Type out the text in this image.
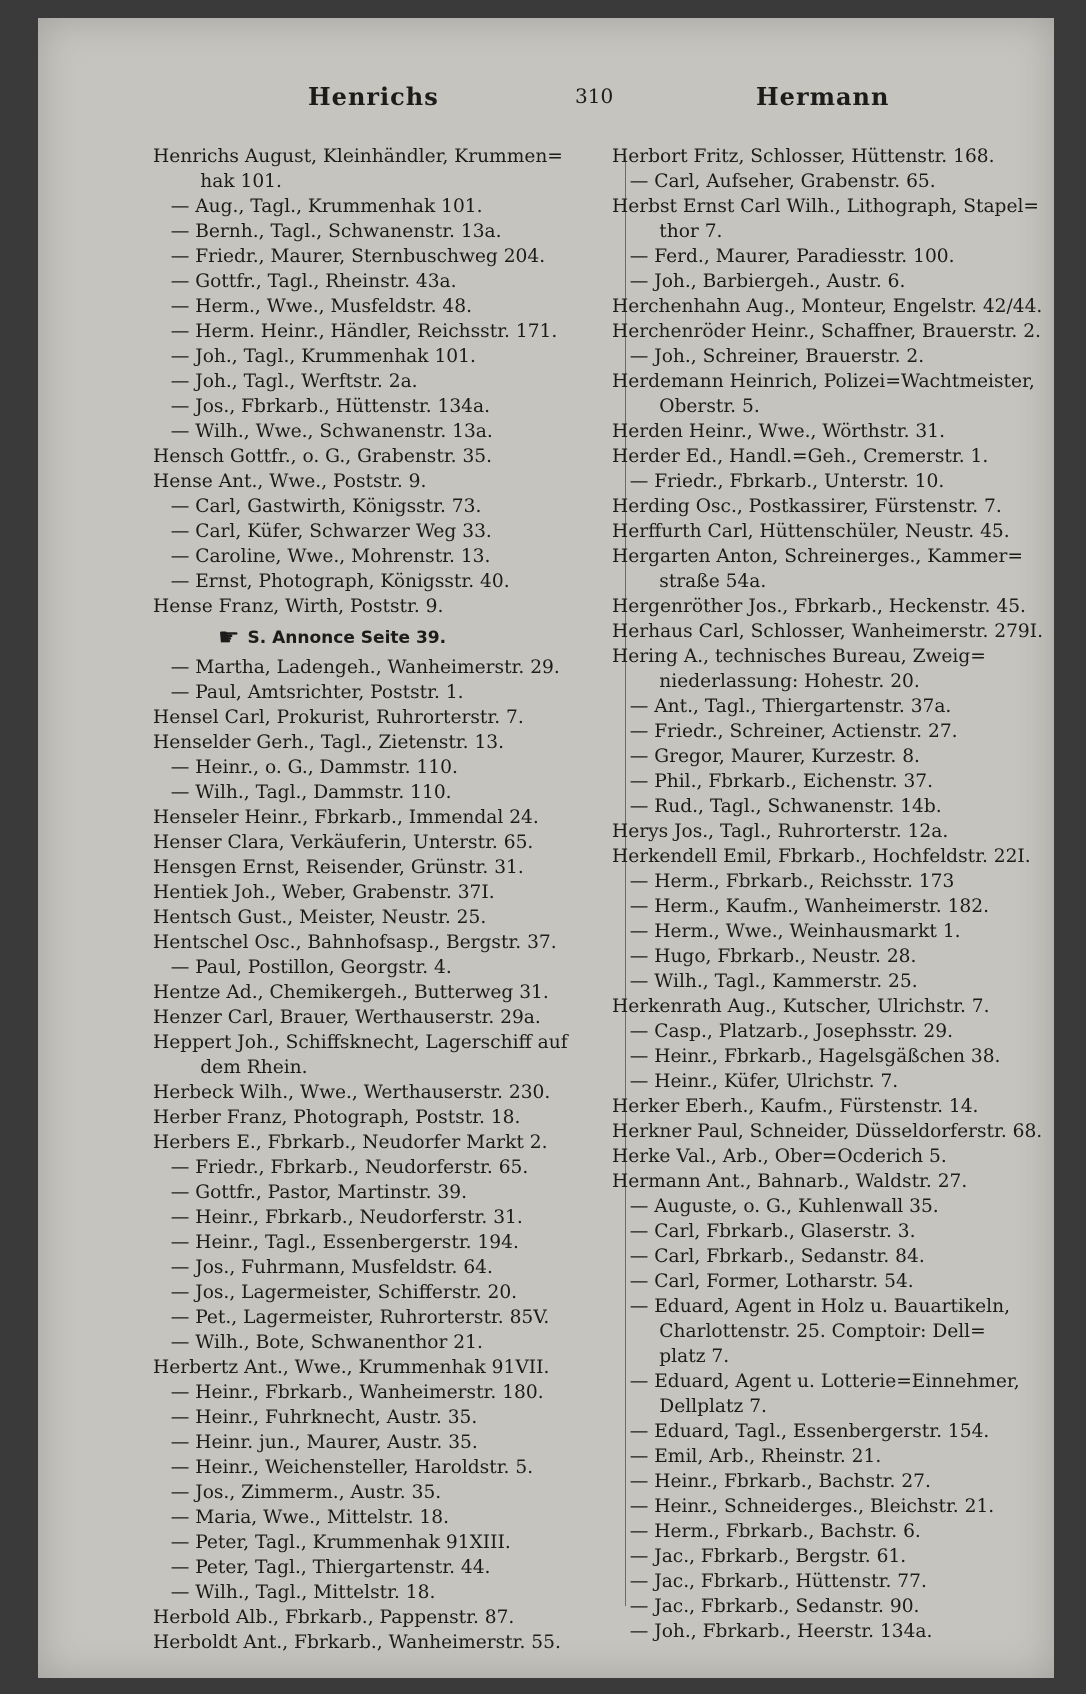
Henrichs	310	Hermann
Henrichs August, Kleinhändler, Krummen=
hak 101.
— Aug., Tagl., Krummenhak 101.
— Bernh., Tagl., Schwanenstr. 13a.
— Friedr., Maurer, Sternbuschweg 204.
— Gottfr., Tagl., Rheinstr. 43a.
— Herm., Wwe., Musfeldstr. 48.
— Herm. Heinr., Händler, Reichsstr. 171.
— Joh., Tagl., Krummenhak 101.
— Joh., Tagl., Werftstr. 2a.
— Jos., Fbrkarb., Hüttenstr. 134a.
— Wilh., Wwe., Schwanenstr. 13a.
Hensch Gottfr., o. G., Grabenstr. 35.
Hense Ant., Wwe., Poststr. 9.
— Carl, Gastwirth, Königsstr. 73.
— Carl, Küfer, Schwarzer Weg 33.
— Caroline, Wwe., Mohrenstr. 13.
— Ernst, Photograph, Königsstr. 40.
Hense Franz, Wirth, Poststr. 9.
☛ S. Annonce Seite 39.
— Martha, Ladengeh., Wanheimerstr. 29.
— Paul, Amtsrichter, Poststr. 1.
Hensel Carl, Prokurist, Ruhrorterstr. 7.
Henselder Gerh., Tagl., Zietenstr. 13.
— Heinr., o. G., Dammstr. 110.
— Wilh., Tagl., Dammstr. 110.
Henseler Heinr., Fbrkarb., Immendal 24.
Henser Clara, Verkäuferin, Unterstr. 65.
Hensgen Ernst, Reisender, Grünstr. 31.
Hentiek Joh., Weber, Grabenstr. 37I.
Hentsch Gust., Meister, Neustr. 25.
Hentschel Osc., Bahnhofsasp., Bergstr. 37.
— Paul, Postillon, Georgstr. 4.
Hentze Ad., Chemikergeh., Butterweg 31.
Henzer Carl, Brauer, Werthauserstr. 29a.
Heppert Joh., Schiffsknecht, Lagerschiff auf
dem Rhein.
Herbeck Wilh., Wwe., Werthauserstr. 230.
Herber Franz, Photograph, Poststr. 18.
Herbers E., Fbrkarb., Neudorfer Markt 2.
— Friedr., Fbrkarb., Neudorferstr. 65.
— Gottfr., Pastor, Martinstr. 39.
— Heinr., Fbrkarb., Neudorferstr. 31.
— Heinr., Tagl., Essenbergerstr. 194.
— Jos., Fuhrmann, Musfeldstr. 64.
— Jos., Lagermeister, Schifferstr. 20.
— Pet., Lagermeister, Ruhrorterstr. 85V.
— Wilh., Bote, Schwanenthor 21.
Herbertz Ant., Wwe., Krummenhak 91VII.
— Heinr., Fbrkarb., Wanheimerstr. 180.
— Heinr., Fuhrknecht, Austr. 35.
— Heinr. jun., Maurer, Austr. 35.
— Heinr., Weichensteller, Haroldstr. 5.
— Jos., Zimmerm., Austr. 35.
— Maria, Wwe., Mittelstr. 18.
— Peter, Tagl., Krummenhak 91XIII.
— Peter, Tagl., Thiergartenstr. 44.
— Wilh., Tagl., Mittelstr. 18.
Herbold Alb., Fbrkarb., Pappenstr. 87.
Herboldt Ant., Fbrkarb., Wanheimerstr. 55.
Herbort Fritz, Schlosser, Hüttenstr. 168.
— Carl, Aufseher, Grabenstr. 65.
Herbst Ernst Carl Wilh., Lithograph, Stapel=
thor 7.
— Ferd., Maurer, Paradiesstr. 100.
— Joh., Barbiergeh., Austr. 6.
Herchenhahn Aug., Monteur, Engelstr. 42/44.
Herchenröder Heinr., Schaffner, Brauerstr. 2.
— Joh., Schreiner, Brauerstr. 2.
Herdemann Heinrich, Polizei=Wachtmeister,
Oberstr. 5.
Herden Heinr., Wwe., Wörthstr. 31.
Herder Ed., Handl.=Geh., Cremerstr. 1.
— Friedr., Fbrkarb., Unterstr. 10.
Herding Osc., Postkassirer, Fürstenstr. 7.
Herffurth Carl, Hüttenschüler, Neustr. 45.
Hergarten Anton, Schreinerges., Kammer=
straße 54a.
Hergenröther Jos., Fbrkarb., Heckenstr. 45.
Herhaus Carl, Schlosser, Wanheimerstr. 279I.
Hering A., technisches Bureau, Zweig=
niederlassung: Hohestr. 20.
— Ant., Tagl., Thiergartenstr. 37a.
— Friedr., Schreiner, Actienstr. 27.
— Gregor, Maurer, Kurzestr. 8.
— Phil., Fbrkarb., Eichenstr. 37.
— Rud., Tagl., Schwanenstr. 14b.
Herys Jos., Tagl., Ruhrorterstr. 12a.
Herkendell Emil, Fbrkarb., Hochfeldstr. 22I.
— Herm., Fbrkarb., Reichsstr. 173
— Herm., Kaufm., Wanheimerstr. 182.
— Herm., Wwe., Weinhausmarkt 1.
— Hugo, Fbrkarb., Neustr. 28.
— Wilh., Tagl., Kammerstr. 25.
Herkenrath Aug., Kutscher, Ulrichstr. 7.
— Casp., Platzarb., Josephsstr. 29.
— Heinr., Fbrkarb., Hagelsgäßchen 38.
— Heinr., Küfer, Ulrichstr. 7.
Herker Eberh., Kaufm., Fürstenstr. 14.
Herkner Paul, Schneider, Düsseldorferstr. 68.
Herke Val., Arb., Ober=Ocderich 5.
Hermann Ant., Bahnarb., Waldstr. 27.
— Auguste, o. G., Kuhlenwall 35.
— Carl, Fbrkarb., Glaserstr. 3.
— Carl, Fbrkarb., Sedanstr. 84.
— Carl, Former, Lotharstr. 54.
— Eduard, Agent in Holz u. Bauartikeln,
Charlottenstr. 25. Comptoir: Dell=
platz 7.
— Eduard, Agent u. Lotterie=Einnehmer,
Dellplatz 7.
— Eduard, Tagl., Essenbergerstr. 154.
— Emil, Arb., Rheinstr. 21.
— Heinr., Fbrkarb., Bachstr. 27.
— Heinr., Schneiderges., Bleichstr. 21.
— Herm., Fbrkarb., Bachstr. 6.
— Jac., Fbrkarb., Bergstr. 61.
— Jac., Fbrkarb., Hüttenstr. 77.
— Jac., Fbrkarb., Sedanstr. 90.
— Joh., Fbrkarb., Heerstr. 134a.
